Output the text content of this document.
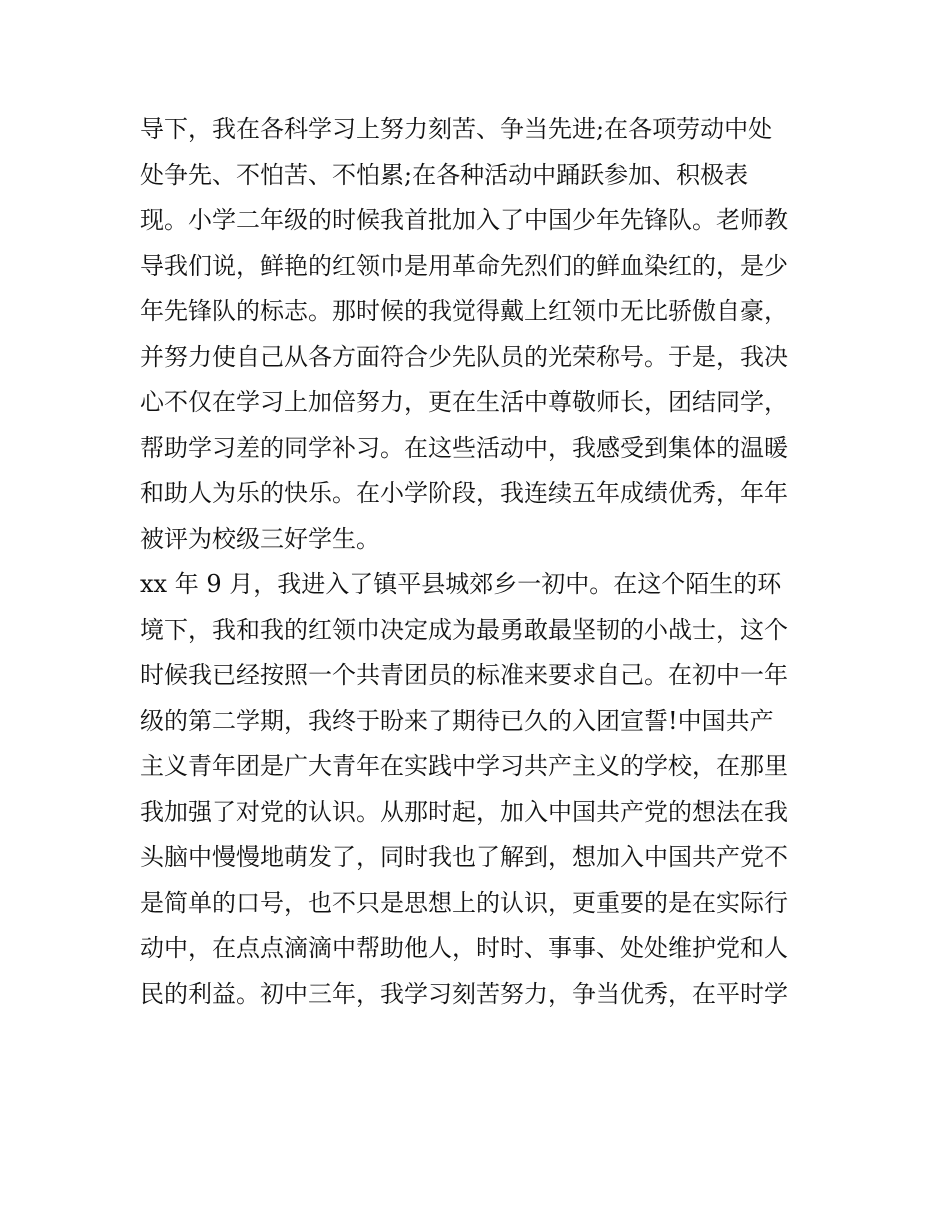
导下，我在各科学习上努力刻苦、争当先进;在各项劳动中处
处争先、不怕苦、不怕累;在各种活动中踊跃参加、积极表
现。小学二年级的时候我首批加入了中国少年先锋队。老师教
导我们说，鲜艳的红领巾是用革命先烈们的鲜血染红的，是少
年先锋队的标志。那时候的我觉得戴上红领巾无比骄傲自豪，
并努力使自己从各方面符合少先队员的光荣称号。于是，我决
心不仅在学习上加倍努力，更在生活中尊敬师长，团结同学，
帮助学习差的同学补习。在这些活动中，我感受到集体的温暖
和助人为乐的快乐。在小学阶段，我连续五年成绩优秀，年年
被评为校级三好学生。
xx 年 9 月，我进入了镇平县城郊乡一初中。在这个陌生的环
境下，我和我的红领巾决定成为最勇敢最坚韧的小战士，这个
时候我已经按照一个共青团员的标准来要求自己。在初中一年
级的第二学期，我终于盼来了期待已久的入团宣誓!中国共产
主义青年团是广大青年在实践中学习共产主义的学校，在那里
我加强了对党的认识。从那时起，加入中国共产党的想法在我
头脑中慢慢地萌发了，同时我也了解到，想加入中国共产党不
是简单的口号，也不只是思想上的认识，更重要的是在实际行
动中，在点点滴滴中帮助他人，时时、事事、处处维护党和人
民的利益。初中三年，我学习刻苦努力，争当优秀，在平时学
